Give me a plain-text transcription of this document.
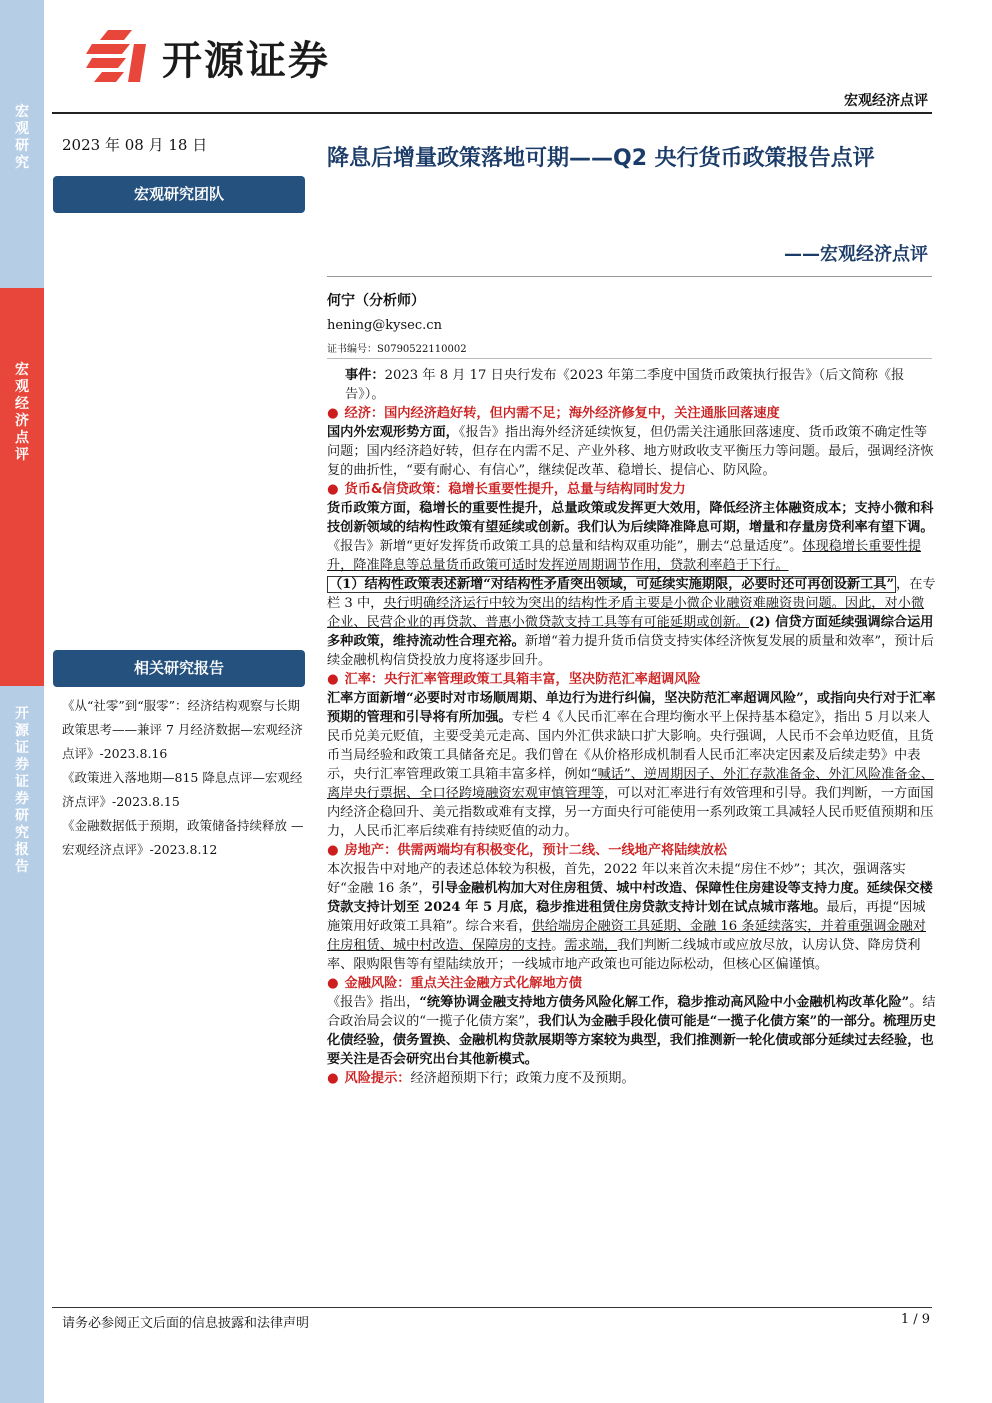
宏观研究
宏观经济点评
开源证券 证券研究报告
开源证券
宏观经济点评
2023 年 08 月 18 日
宏观研究团队
降息后增量政策落地可期——Q2 央行货币政策报告点评
——宏观经济点评
何宁（分析师）
hening@kysec.cn
证书编号：S0790522110002

事件：2023 年 8 月 17 日央行发布《2023 年第二季度中国货币政策执行报告》（后文简称《报告》）。

● 经济：国内经济趋好转，但内需不足；海外经济修复中，关注通胀回落速度

国内外宏观形势方面，《报告》指出海外经济延续恢复，但仍需关注通胀回落速度、货币政策不确定性等问题；国内经济趋好转，但存在内需不足、产业外移、地方财政收支平衡压力等问题。最后，强调经济恢复的曲折性，“要有耐心、有信心”，继续促改革、稳增长、提信心、防风险。

● 货币&信贷政策：稳增长重要性提升，总量与结构同时发力

货币政策方面，稳增长的重要性提升，总量政策或发挥更大效用，降低经济主体融资成本；支持小微和科技创新领域的结构性政策有望延续或创新。我们认为后续降准降息可期，增量和存量房贷利率有望下调。《报告》新增“更好发挥货币政策工具的总量和结构双重功能”，删去“总量适度”。体现稳增长重要性提升，降准降息等总量货币政策可适时发挥逆周期调节作用，贷款利率趋于下行。

（1）结构性政策表述新增“对结构性矛盾突出领域，可延续实施期限，必要时还可再创设新工具” ，在专栏 3 中，央行明确经济运行中较为突出的结构性矛盾主要是小微企业融资难融资贵问题。因此，对小微企业、民营企业的再贷款、普惠小微贷款支持工具等有可能延期或创新。(2) 信贷方面延续强调综合运用多种政策，维持流动性合理充裕。新增“着力提升货币信贷支持实体经济恢复发展的质量和效率”，预计后续金融机构信贷投放力度将逐步回升。

● 汇率：央行汇率管理政策工具箱丰富，坚决防范汇率超调风险

汇率方面新增“必要时对市场顺周期、单边行为进行纠偏，坚决防范汇率超调风险”，或指向央行对于汇率预期的管理和引导将有所加强。专栏 4《人民币汇率在合理均衡水平上保持基本稳定》，指出 5 月以来人民币兑美元贬值，主要受美元走高、国内外汇供求缺口扩大影响。央行强调，人民币不会单边贬值，且货币当局经验和政策工具储备充足。我们曾在《从价格形成机制看人民币汇率决定因素及后续走势》中表示，央行汇率管理政策工具箱丰富多样，例如“喊话”、逆周期因子、外汇存款准备金、外汇风险准备金、离岸央行票据、全口径跨境融资宏观审慎管理等，可以对汇率进行有效管理和引导。我们判断，一方面国内经济企稳回升、美元指数或难有支撑，另一方面央行可能使用一系列政策工具减轻人民币贬值预期和压力，人民币汇率后续难有持续贬值的动力。

● 房地产：供需两端均有积极变化，预计二线、一线地产将陆续放松

本次报告中对地产的表述总体较为积极，首先，2022 年以来首次未提“房住不炒”；其次，强调落实好“金融 16 条”，引导金融机构加大对住房租赁、城中村改造、保障性住房建设等支持力度。延续保交楼贷款支持计划至 2024 年 5 月底，稳步推进租赁住房贷款支持计划在试点城市落地。最后，再提“因城施策用好政策工具箱”。综合来看，供给端房企融资工具延期、金融 16 条延续落实，并着重强调金融对住房租赁、城中村改造、保障房的支持。需求端，我们判断二线城市或应放尽放，认房认贷、降房贷利率、限购限售等有望陆续放开；一线城市地产政策也可能边际松动，但核心区偏谨慎。

● 金融风险：重点关注金融方式化解地方债

《报告》指出，“统筹协调金融支持地方债务风险化解工作，稳步推动高风险中小金融机构改革化险”。结合政治局会议的“一揽子化债方案”，我们认为金融手段化债可能是“一揽子化债方案”的一部分。梳理历史化债经验，债务置换、金融机构贷款展期等方案较为典型，我们推测新一轮化债或部分延续过去经验，也要关注是否会研究出台其他新模式。

● 风险提示：经济超预期下行；政策力度不及预期。

相关研究报告

《从“社零”到“服零”：经济结构观察与长期政策思考——兼评 7 月经济数据—宏观经济点评》-2023.8.16

《政策进入落地期—815 降息点评—宏观经济点评》-2023.8.15

《金融数据低于预期，政策储备持续释放 —宏观经济点评》-2023.8.12

请务必参阅正文后面的信息披露和法律声明	1 / 9
